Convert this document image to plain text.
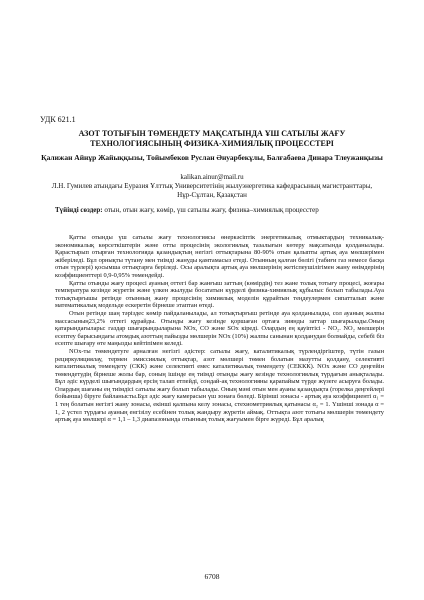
УДК 621.1
АЗОТ ТОТЫҒЫН ТӨМЕНДЕТУ МАҚСАТЫНДА ҰШ САТЫЛЫ ЖАҒУ ТЕХНОЛОГИЯСЫНЫҢ ФИЗИКА-ХИМИЯЛЫҚ ПРОЦЕССТЕРІ
Қалижан Айнұр Жайыққызы, Тойымбеков Руслан Әнуарбекұлы, Балғабаева Динара Тлеужанқызы
kalikan.ainur@mail.ru
Л.Н. Гумилев атындағы Еуразия Ұлттық Университетінің жылуэнергетика кафедрасының магистранттары, Нұр-Сұлтан, Қазақстан

Түйінді сөздер: отын, отын жағу, көмір, үш сатылы жағу, физика–химиялық процесстер

Қатты отынды үш сатылы жағу технологиясы өнеркәсіптік энергетикалық отмыктардың техникалық-экономикалық көрсеткіштерін және отты процесінің экологиялық тазалығын көтеру мақсатында қолданылады. Қарастырып отырған технологияда қазандықтың негізгі оттықтарына 80-90% отын қалыпты артық ауа мөлшерімен жіберіледі. Бұл орнықты түтану мен тиімді жануды қамтамасыз етеді. Отынның қалған бөлігі (табиғи газ немесе басқа отын түрлері) қосымша оттықтарға беріледі. Осы аралықта артық ауа мөлшерінің жетіспеушілігімен жану өнімдерінің коэффициенттері 0,9-0,95% төмендейді.

Қатты отынды жағу процесі ауаның оттегі бар жанғыш заттың (көмірдің) тез жане толық тотығу процесі, жоғары температура кезінде жүретін және үлкен жылуды босататын күрделі физика-химиялық құбылыс болып табылады.Ауа тотықтырғышы ретінде отынның жану процесінің химиялық моделін құрайтын теңдеулермен сипатталып және математикалық модельде ескеретін бірнеше этаптан өтеді.

Отын ретінде шаң тәріздес көмір пайдаланылады, ал тотықтырғыш ретінде ауа қолданылады, сол ауаның жалпы массасының23,2% оттегі құрайды. Отынды жағу кезінде қоршаған ортаға зиянды заттар шығарылады.Оның қатарындағылары: газдар шығарындыларына NOx, CO және SOx кіреді. Олардың ең қауіптісі - NO₂. NO₂ мөлшерін есептеу барысындағы атомдық азоттың пайызды мөлшерін NOx (10%) жалпы санынан қолданудан болмайды, себебі біз есепте шығару өте маңызды кейтіпімен келеді.

NOx-ты төмендетуге арналған негізгі әдістер: сатылы жағу, каталитикалық түрлендіргіштер, түтін газын рециркуляциялау, термен эмиссиялық оттықтар, азот мөлшері төмен болатын мазутты қолдану, селективті каталитикалық төмендету (СКК) және селективті емес каталитикалық төмендету (СЕККК). NOx және CO деңгейін төмендетудің бірнеше жолы бар, соның ішінде ең тиімді отынды жағу кезінде технологиялық түрдағым анықталады. Бұл әдіс күрделі шығындардың ерсің талап етпейді, сондай-ақ технологияны қарапайым түрде жүзеге асыруға болады. Олардың шағаны ең тиімдісі сатылы жағу болып табылады. Оның мәні отын мен ауаны қазандықта (горелка деңгейлері бойынша) біруге байланысты.Бұл әдіс жағу камерасын үш зонаға бөледі. Бірінші зонасы - артық ауа коэффициенті α₁ = 1 тең болатын негізгі жану зонасы, екінші қалпына келу зонасы, стехиометриялық қатынасы α₂ = 1. Үшінші зонада α = 1, 2 үстел түрдағы ауаның енгізілу есебінен толық жандыру жүретін аймақ. Оттықта азот тотығы мөлшерін төмендету артық ауа мөлшері α = 1,1 – 1,3 диапазонында отынның толық жағуымен бірге жүреді. Бұл аралық

6708
